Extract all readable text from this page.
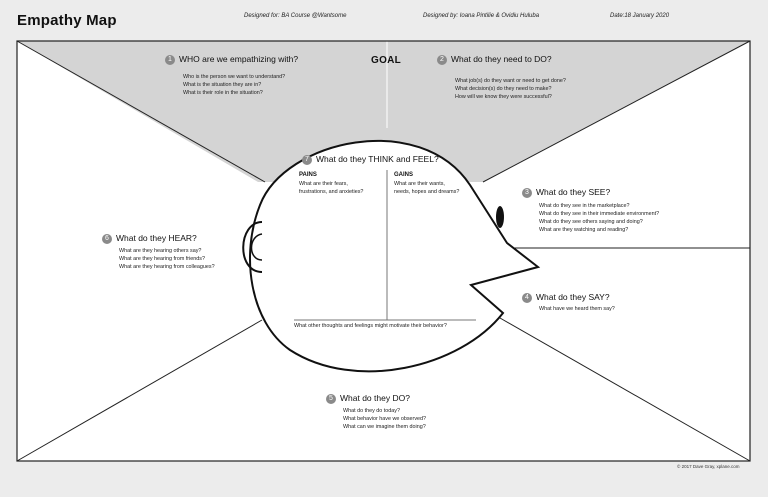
Empathy Map	Designed for: BA Course @Wantsome	Designed by: Ioana Pintilie & Ovidiu Huluba	Date:18 January 2020
GOAL
1 WHO are we empathizing with?
Who is the person we want to understand?
What is the situation they are in?
What is their role in the situation?
2 What do they need to DO?
What job(s) do they want or need to get done?
What decision(s) do they need to make?
How will we know they were successful?
7 What do they THINK and FEEL?
PAINS
What are their fears,
frustrations, and anxieties?
GAINS
What are their wants,
needs, hopes and dreams?
What other thoughts and feelings might motivate their behavior?
3 What do they SEE?
What do they see in the marketplace?
What do they see in their immediate environment?
What do they see others saying and doing?
What are they watching and reading?
6 What do they HEAR?
What are they hearing others say?
What are they hearing from friends?
What are they hearing from colleagues?
4 What do they SAY?
What have we heard them say?
5 What do they DO?
What do they do today?
What behavior have we observed?
What can we imagine them doing?
© 2017 Dave Gray, xplane.com
